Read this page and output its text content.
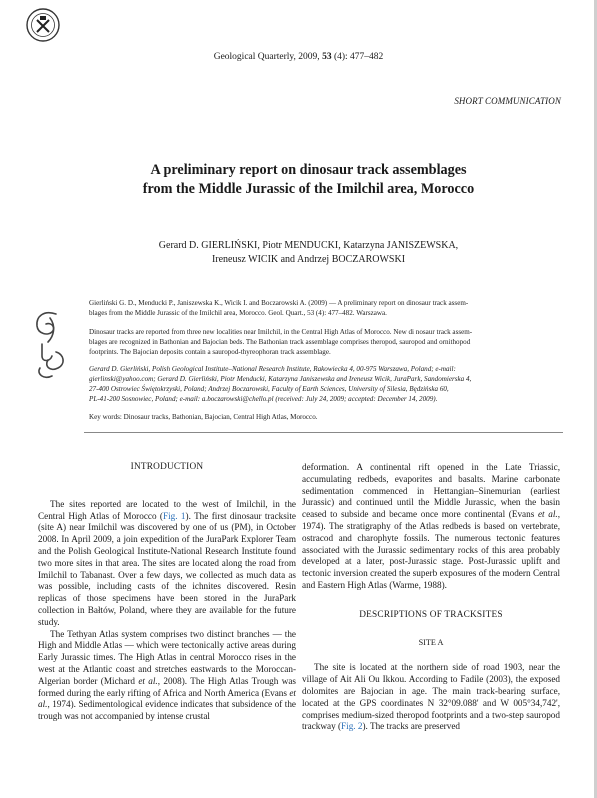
Geological Quarterly, 2009, 53 (4): 477–482
SHORT COMMUNICATION
A preliminary report on dinosaur track assemblages
from the Middle Jurassic of the Imilchil area, Morocco
Gerard D. GIERLIŃSKI, Piotr MENDUCKI, Katarzyna JANISZEWSKA,
Ireneusz WICIK and Andrzej BOCZAROWSKI
Gierliński G. D., Menducki P., Janiszewska K., Wicik I. and Boczarowski A. (2009) — A preliminary report on dinosaur track assem-
blages from the Middle Jurassic of the Imilchil area, Morocco. Geol. Quart., 53 (4): 477–482. Warszawa.
Dinosaur tracks are reported from three new localities near Imilchil, in the Central High Atlas of Morocco. New di nosaur track assem-
blages are recognized in Bathonian and Bajocian beds. The Bathonian track assemblage comprises theropod, sauropod and ornithopod
footprints. The Bajocian deposits contain a sauropod-thyreophoran track assemblage.
Gerard D. Gierliński, Polish Geological Institute–National Research Institute, Rakowiecka 4, 00-975 Warszawa, Poland; e-mail:
gierlinski@yahoo.com; Gerard D. Gierliński, Piotr Menducki, Katarzyna Janiszewska and Ireneusz Wicik, JuraPark, Sandomierska 4,
27-400 Ostrowiec Świętokrzyski, Poland; Andrzej Boczarowski, Faculty of Earth Sciences, University of Silesia, Będzińska 60,
PL-41-200 Sosnowiec, Poland; e-mail: a.boczarowski@chello.pl (received: July 24, 2009; accepted: December 14, 2009).
Key words: Dinosaur tracks, Bathonian, Bajocian, Central High Atlas, Morocco.
INTRODUCTION

The sites reported are located to the west of Imilchil, in the Central High Atlas of Morocco (Fig. 1). The first dinosaur tracksite (site A) near Imilchil was discovered by one of us (PM), in October 2008. In April 2009, a join expedition of the JuraPark Explorer Team and the Polish Geological Institute-National Research Institute found two more sites in that area. The sites are located along the road from Imilchil to Tabanast. Over a few days, we collected as much data as was possible, including casts of the ichnites discovered. Resin replicas of those specimens have been stored in the JuraPark collection in Bałtów, Poland, where they are available for the future study.

The Tethyan Atlas system comprises two distinct branches — the High and Middle Atlas — which were tectonically active areas during Early Jurassic times. The High Atlas in central Morocco rises in the west at the Atlantic coast and stretches eastwards to the Moroccan-Algerian border (Michard et al., 2008). The High Atlas Trough was formed during the early rifting of Africa and North America (Evans et al., 1974). Sedimentological evidence indicates that subsidence of the trough was not accompanied by intense crustal

deformation. A continental rift opened in the Late Triassic, accumulating redbeds, evaporites and basalts. Marine carbonate sedimentation commenced in Hettangian–Sinemurian (earliest Jurassic) and continued until the Middle Jurassic, when the basin ceased to subside and became once more continental (Evans et al., 1974). The stratigraphy of the Atlas redbeds is based on vertebrate, ostracod and charophyte fossils. The numerous tectonic features associated with the Jurassic sedimentary rocks of this area probably developed at a later, post-Jurassic stage. Post-Jurassic uplift and tectonic inversion created the superb exposures of the modern Central and Eastern High Atlas (Warme, 1988).

DESCRIPTIONS OF TRACKSITES
SITE A

The site is located at the northern side of road 1903, near the village of Ait Ali Ou Ikkou. According to Fadile (2003), the exposed dolomites are Bajocian in age. The main track-bearing surface, located at the GPS coordinates N 32°09.088' and W 005°34,742', comprises medium-sized theropod footprints and a two-step sauropod trackway (Fig. 2). The tracks are preserved
